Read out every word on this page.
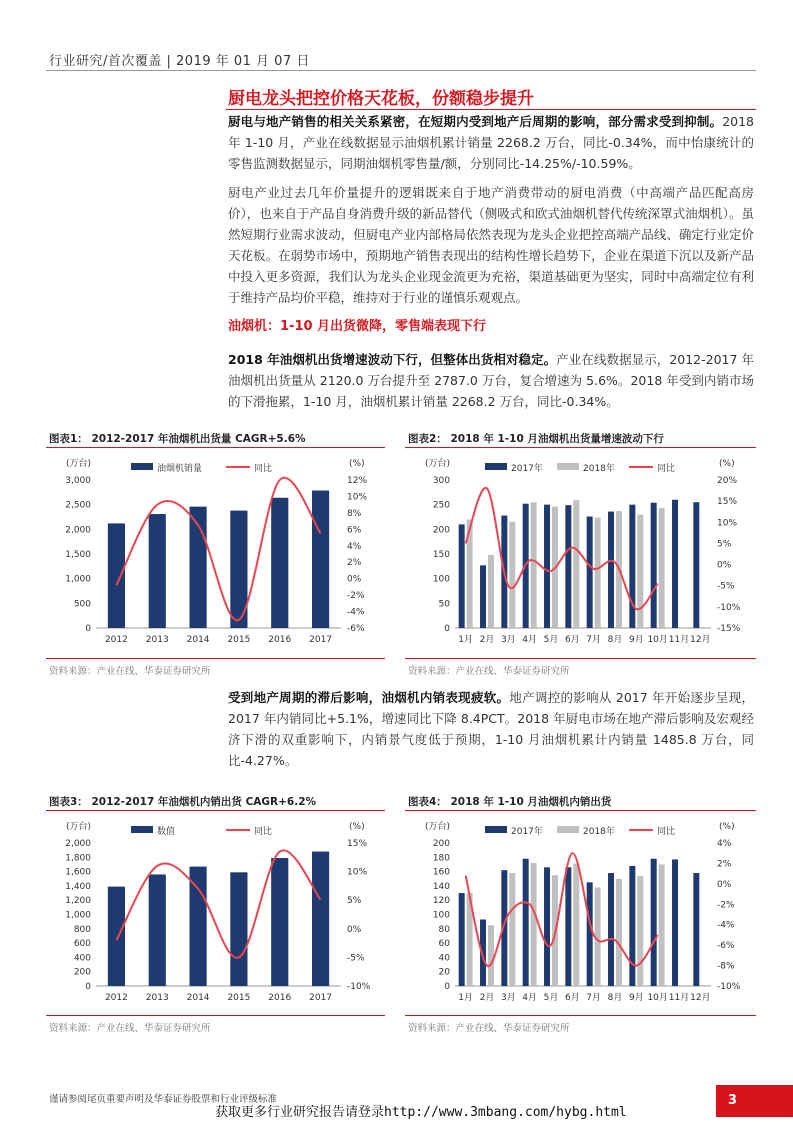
行业研究/首次覆盖 | 2019 年 01 月 07 日
厨电龙头把控价格天花板，份额稳步提升
厨电与地产销售的相关关系紧密，在短期内受到地产后周期的影响，部分需求受到抑制。2018 年 1-10 月，产业在线数据显示油烟机累计销量 2268.2 万台，同比-0.34%，而中怡康统计的零售监测数据显示，同期油烟机零售量/额，分别同比-14.25%/-10.59%。
厨电产业过去几年价量提升的逻辑既来自于地产消费带动的厨电消费（中高端产品匹配高房价），也来自于产品自身消费升级的新品替代（侧吸式和欧式油烟机替代传统深罩式油烟机）。虽然短期行业需求波动，但厨电产业内部格局依然表现为龙头企业把控高端产品线、确定行业定价天花板。在弱势市场中，预期地产销售表现出的结构性增长趋势下，企业在渠道下沉以及新产品中投入更多资源，我们认为龙头企业现金流更为充裕，渠道基础更为坚实，同时中高端定位有利于维持产品均价平稳，维持对于行业的谨慎乐观观点。
油烟机：1-10 月出货微降，零售端表现下行
2018 年油烟机出货增速波动下行，但整体出货相对稳定。产业在线数据显示，2012-2017 年油烟机出货量从 2120.0 万台提升至 2787.0 万台，复合增速为 5.6%。2018 年受到内销市场的下滑拖累，1-10 月，油烟机累计销量 2268.2 万台，同比-0.34%。
图表1： 2012-2017 年油烟机出货量 CAGR+5.6%
(万台)	(%)
0
500
1,000
1,500
2,000
2,500
3,000
-6%
-4%
-2%
0%
2%
4%
6%
8%
10%
12%
2012 2013 2014 2015 2016 2017
油烟机销量	同比
资料来源：产业在线、华泰证券研究所
图表2： 2018 年 1-10 月油烟机出货量增速波动下行
(万台)	(%)
0
50
100
150
200
250
300
-15%
-10%
-5%
0%
5%
10%
15%
20%
1月 2月 3月 4月 5月 6月 7月 8月 9月 10月 11月 12月
2017年	2018年	同比
资料来源：产业在线、华泰证券研究所
受到地产周期的滞后影响，油烟机内销表现疲软。地产调控的影响从 2017 年开始逐步呈现，2017 年内销同比+5.1%，增速同比下降 8.4PCT。2018 年厨电市场在地产滞后影响及宏观经济下滑的双重影响下，内销景气度低于预期，1-10 月油烟机累计内销量 1485.8 万台，同比-4.27%。
图表3： 2012-2017 年油烟机内销出货 CAGR+6.2%
(万台)	(%)
0
200
400
600
800
1,000
1,200
1,400
1,600
1,800
2,000
-10%
-5%
0%
5%
10%
15%
2012 2013 2014 2015 2016 2017
数值	同比
资料来源：产业在线、华泰证券研究所
图表4： 2018 年 1-10 月油烟机内销出货
(万台)	(%)
0
20
40
60
80
100
120
140
160
180
200
-10%
-8%
-6%
-4%
-2%
0%
2%
4%
1月 2月 3月 4月 5月 6月 7月 8月 9月 10月 11月 12月
2017年	2018年	同比
资料来源：产业在线、华泰证券研究所
谨请参阅尾页重要声明及华泰证券股票和行业评级标准
获取更多行业研究报告请登录http://www.3mbang.com/hybg.html
3
